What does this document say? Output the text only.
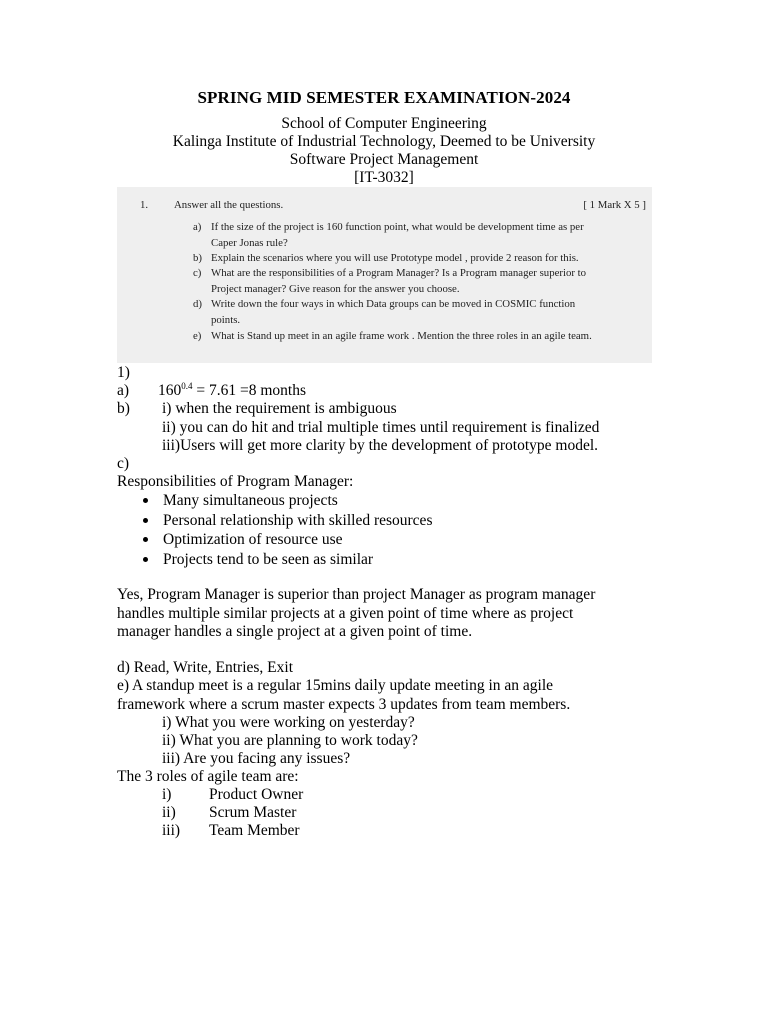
SPRING MID SEMESTER EXAMINATION-2024
School of Computer Engineering
Kalinga Institute of Industrial Technology, Deemed to be University
Software Project Management
[IT-3032]
1. Answer all the questions.	[ 1 Mark X 5 ]
a) If the size of the project is 160 function point, what would be development time as per
Caper Jonas rule?
b) Explain the scenarios where you will use Prototype model , provide 2 reason for this.
c) What are the responsibilities of a Program Manager? Is a Program manager superior to
Project manager? Give reason for the answer you choose.
d) Write down the four ways in which Data groups can be moved in COSMIC function
points.
e) What is Stand up meet in an agile frame work . Mention the three roles in an agile team.
1)
a) $160^{0.4} = 7.61 =8$ months
b) i) when the requirement is ambiguous
ii) you can do hit and trial multiple times until requirement is finalized
iii)Users will get more clarity by the development of prototype model.
c)
Responsibilities of Program Manager:
Many simultaneous projects
Personal relationship with skilled resources
Optimization of resource use
Projects tend to be seen as similar
Yes, Program Manager is superior than project Manager as program manager
handles multiple similar projects at a given point of time where as project
manager handles a single project at a given point of time.
d) Read, Write, Entries, Exit
e) A standup meet is a regular 15mins daily update meeting in an agile
framework where a scrum master expects 3 updates from team members.
i) What you were working on yesterday?
ii) What you are planning to work today?
iii) Are you facing any issues?
The 3 roles of agile team are:
i) Product Owner
ii) Scrum Master
iii) Team Member
